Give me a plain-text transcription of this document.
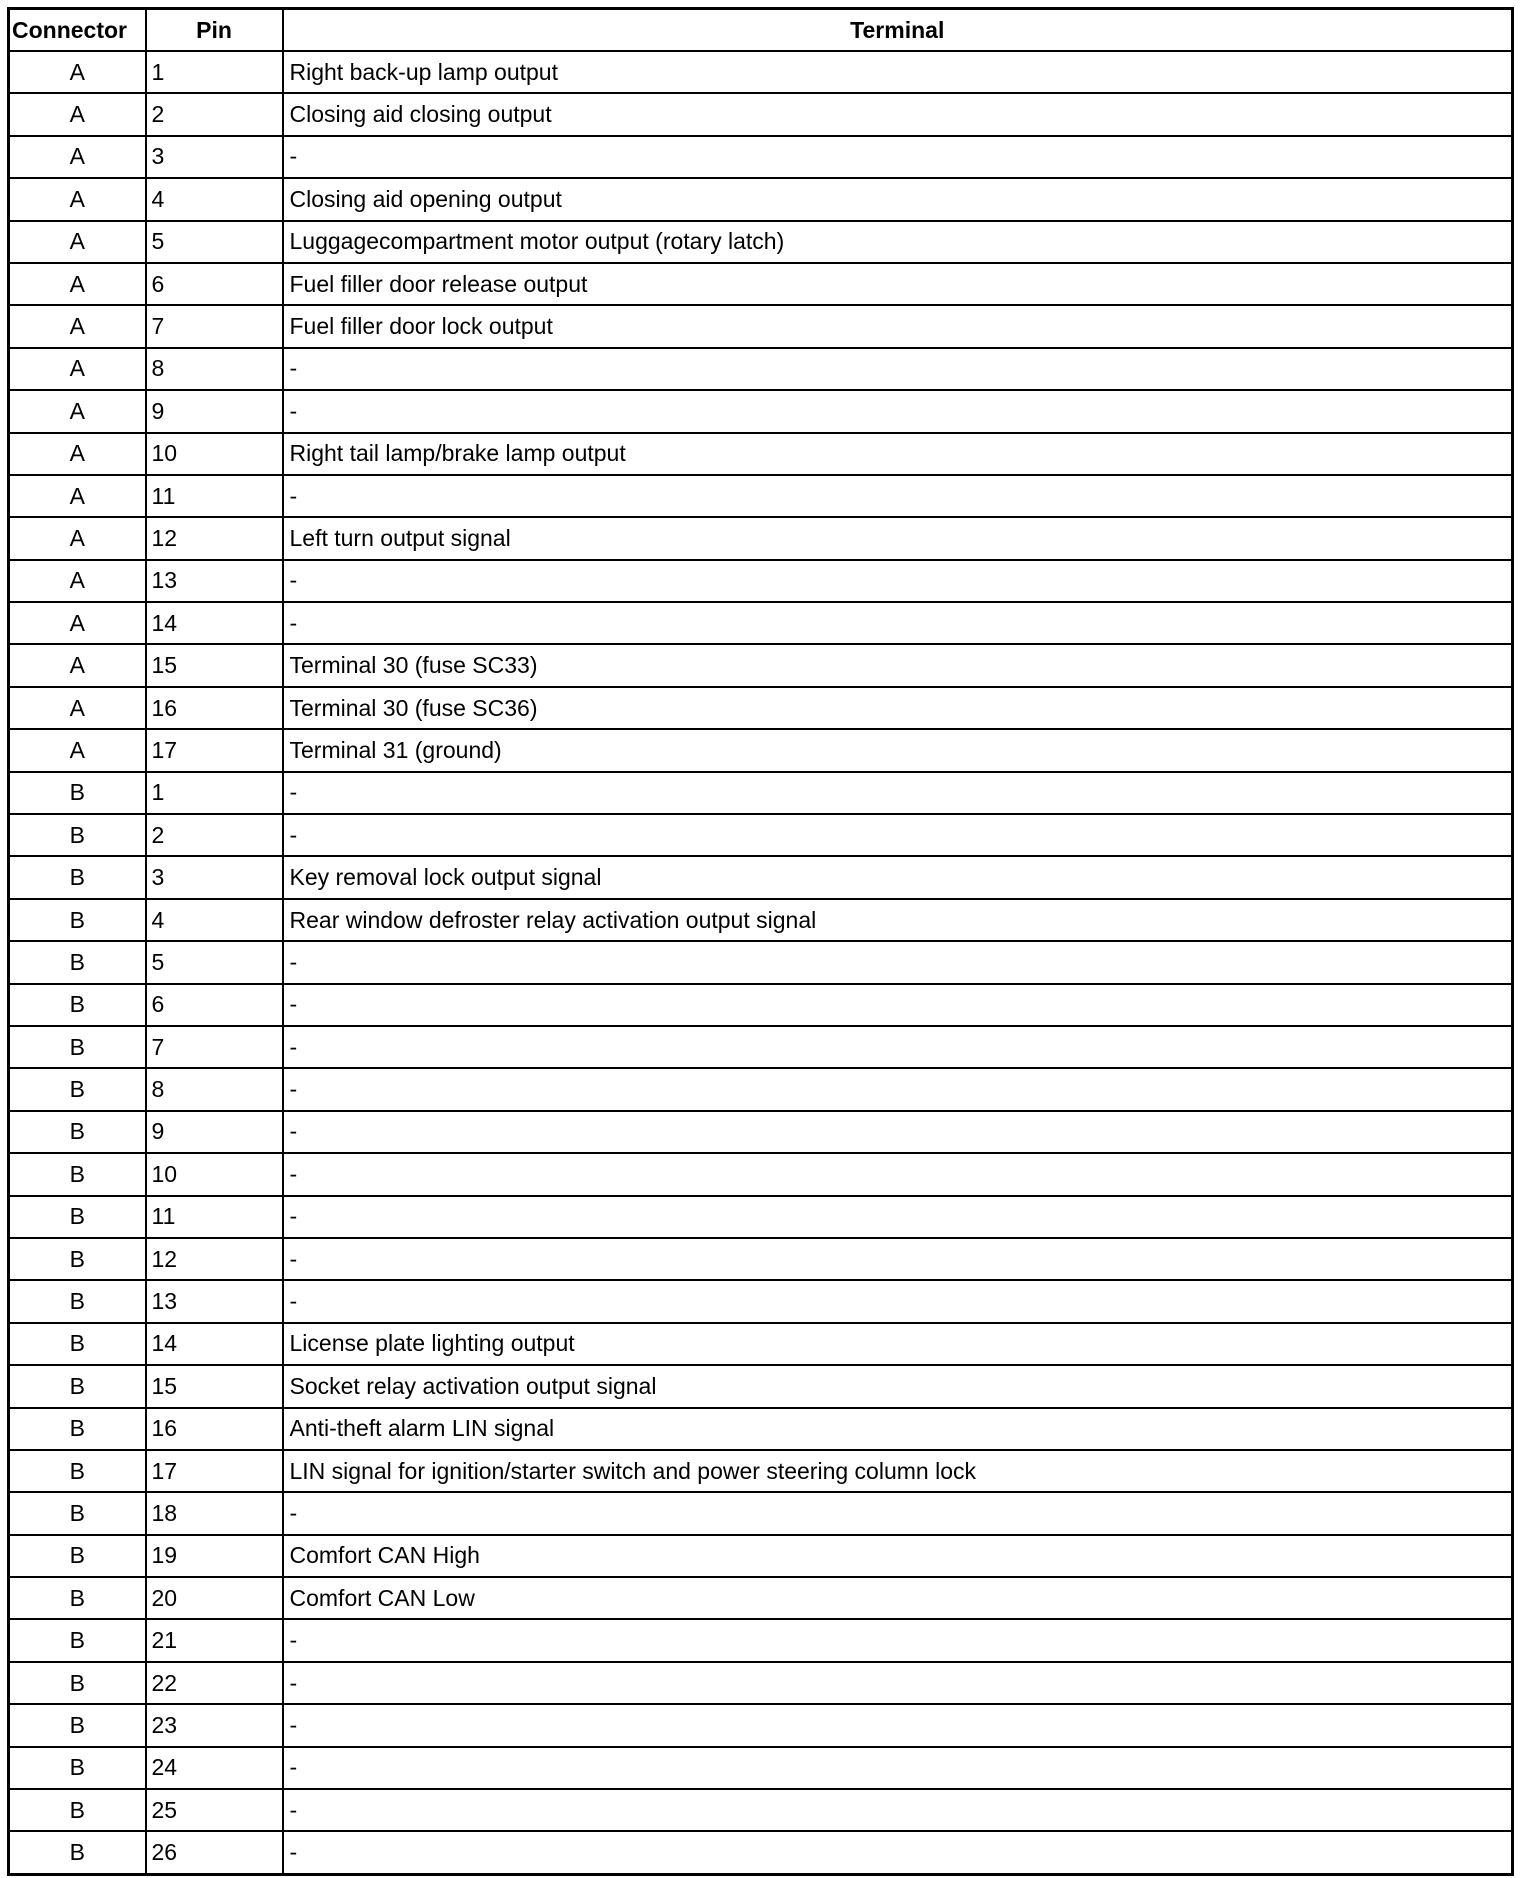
Connector	Pin	Terminal
A	1	Right back-up lamp output
A	2	Closing aid closing output
A	3	-
A	4	Closing aid opening output
A	5	Luggagecompartment motor output (rotary latch)
A	6	Fuel filler door release output
A	7	Fuel filler door lock output
A	8	-
A	9	-
A	10	Right tail lamp/brake lamp output
A	11	-
A	12	Left turn output signal
A	13	-
A	14	-
A	15	Terminal 30 (fuse SC33)
A	16	Terminal 30 (fuse SC36)
A	17	Terminal 31 (ground)
B	1	-
B	2	-
B	3	Key removal lock output signal
B	4	Rear window defroster relay activation output signal
B	5	-
B	6	-
B	7	-
B	8	-
B	9	-
B	10	-
B	11	-
B	12	-
B	13	-
B	14	License plate lighting output
B	15	Socket relay activation output signal
B	16	Anti-theft alarm LIN signal
B	17	LIN signal for ignition/starter switch and power steering column lock
B	18	-
B	19	Comfort CAN High
B	20	Comfort CAN Low
B	21	-
B	22	-
B	23	-
B	24	-
B	25	-
B	26	-
